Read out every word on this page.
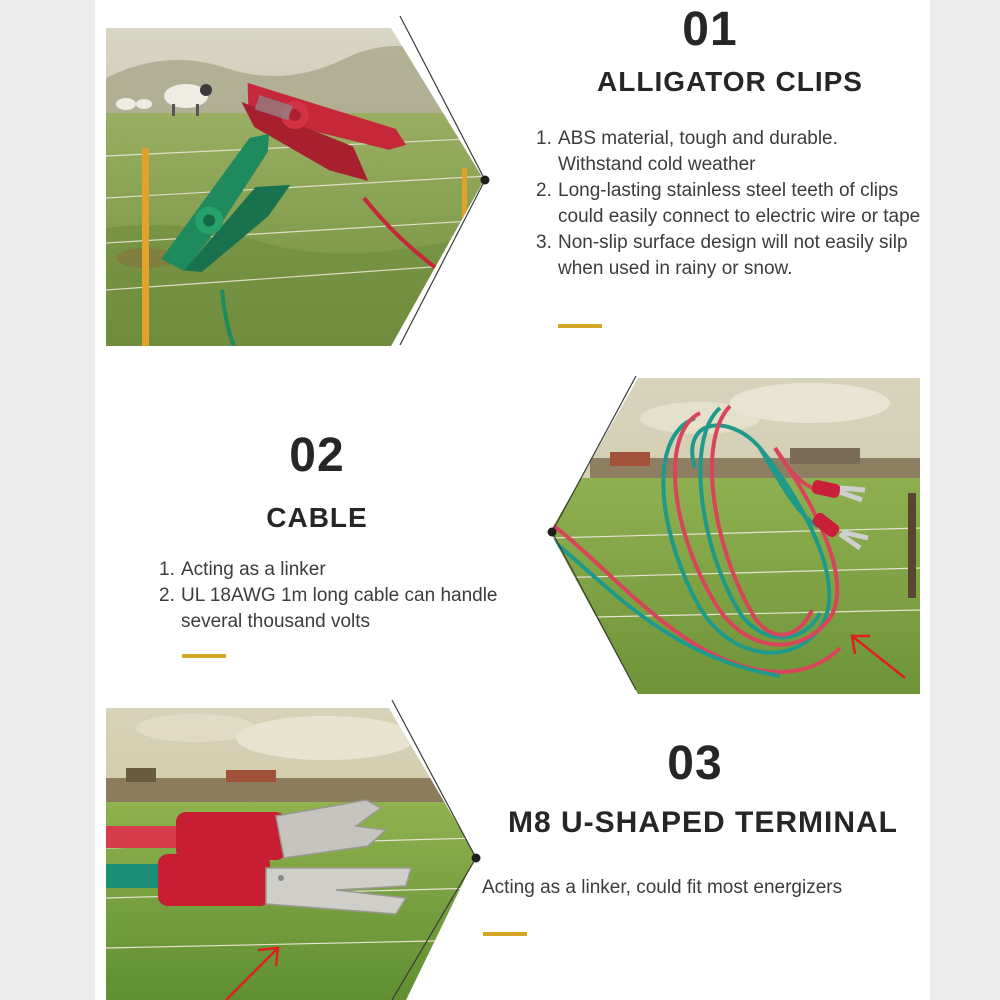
01
ALLIGATOR CLIPS
1. ABS material, tough and durable. Withstand cold weather
2. Long-lasting stainless steel teeth of clips could easily connect to electric wire or tape
3. Non-slip surface design will not easily silp when used in rainy or snow.
02
CABLE
1. Acting as a linker
2. UL 18AWG 1m long cable can handle several thousand volts
03
M8 U-SHAPED TERMINAL
Acting as a linker, could fit most energizers
